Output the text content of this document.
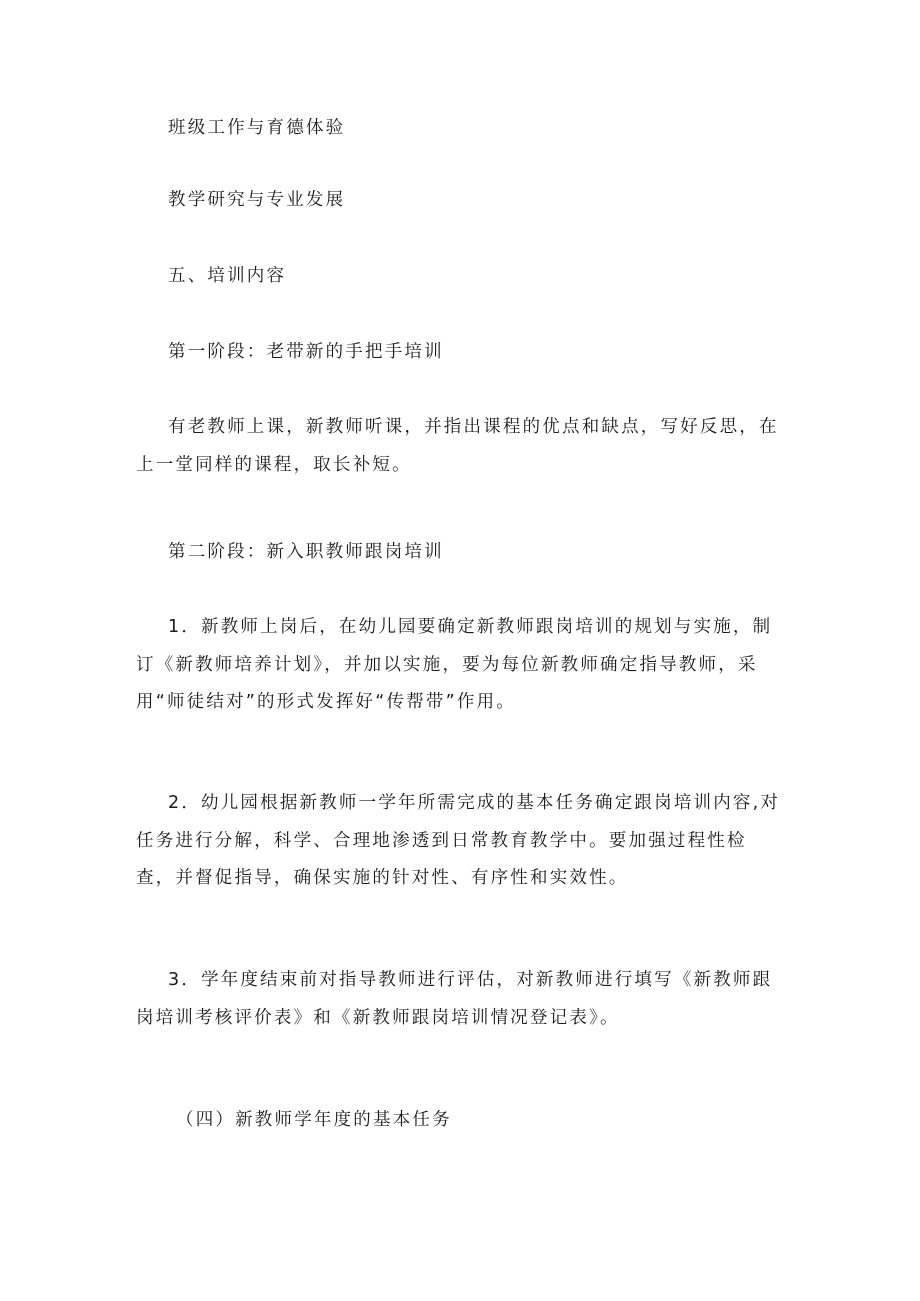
班级工作与育德体验
教学研究与专业发展
五、培训内容
第一阶段：老带新的手把手培训
有老教师上课，新教师听课，并指出课程的优点和缺点，写好反思，在上一堂同样的课程，取长补短。
第二阶段：新入职教师跟岗培训
1．新教师上岗后，在幼儿园要确定新教师跟岗培训的规划与实施，制订《新教师培养计划》，并加以实施，要为每位新教师确定指导教师，采用“师徒结对”的形式发挥好“传帮带”作用。
2．幼儿园根据新教师一学年所需完成的基本任务确定跟岗培训内容,对任务进行分解，科学、合理地渗透到日常教育教学中。要加强过程性检查，并督促指导，确保实施的针对性、有序性和实效性。
3．学年度结束前对指导教师进行评估，对新教师进行填写《新教师跟岗培训考核评价表》和《新教师跟岗培训情况登记表》。
（四）新教师学年度的基本任务
